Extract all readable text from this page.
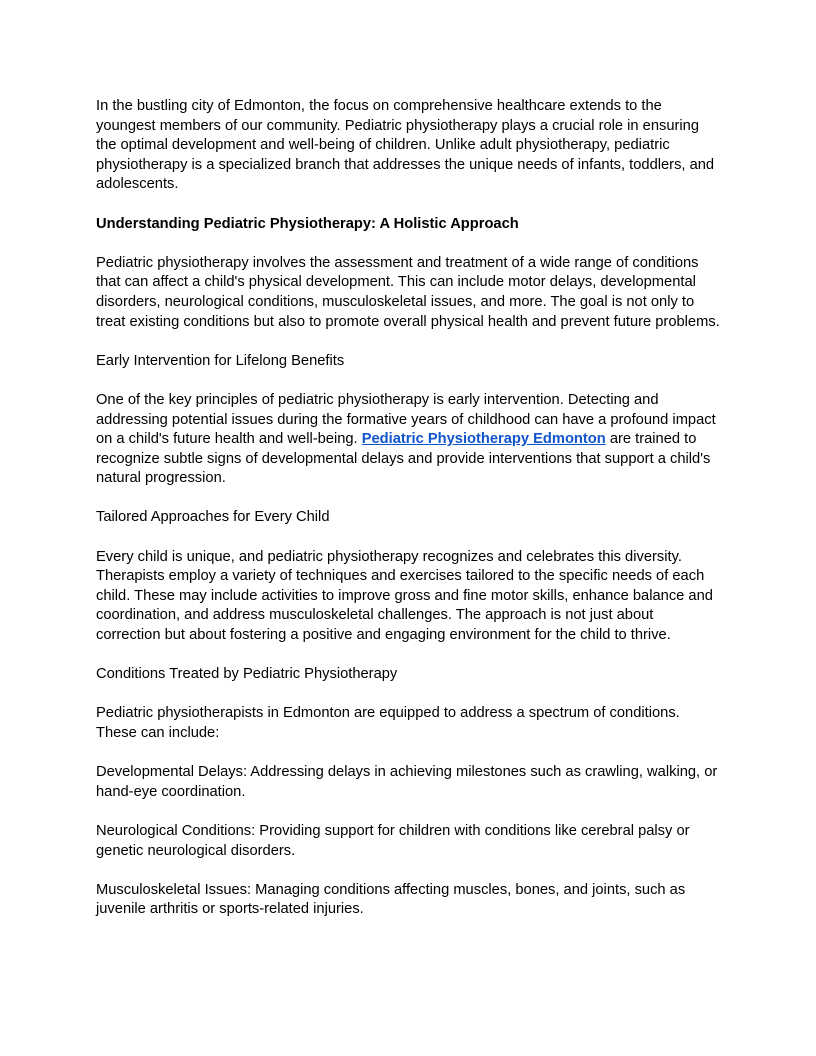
In the bustling city of Edmonton, the focus on comprehensive healthcare extends to the youngest members of our community. Pediatric physiotherapy plays a crucial role in ensuring the optimal development and well-being of children. Unlike adult physiotherapy, pediatric physiotherapy is a specialized branch that addresses the unique needs of infants, toddlers, and adolescents.

Understanding Pediatric Physiotherapy: A Holistic Approach

Pediatric physiotherapy involves the assessment and treatment of a wide range of conditions that can affect a child's physical development. This can include motor delays, developmental disorders, neurological conditions, musculoskeletal issues, and more. The goal is not only to treat existing conditions but also to promote overall physical health and prevent future problems.

Early Intervention for Lifelong Benefits

One of the key principles of pediatric physiotherapy is early intervention. Detecting and addressing potential issues during the formative years of childhood can have a profound impact on a child's future health and well-being. Pediatric Physiotherapy Edmonton are trained to recognize subtle signs of developmental delays and provide interventions that support a child's natural progression.

Tailored Approaches for Every Child

Every child is unique, and pediatric physiotherapy recognizes and celebrates this diversity. Therapists employ a variety of techniques and exercises tailored to the specific needs of each child. These may include activities to improve gross and fine motor skills, enhance balance and coordination, and address musculoskeletal challenges. The approach is not just about correction but about fostering a positive and engaging environment for the child to thrive.

Conditions Treated by Pediatric Physiotherapy

Pediatric physiotherapists in Edmonton are equipped to address a spectrum of conditions. These can include:

Developmental Delays: Addressing delays in achieving milestones such as crawling, walking, or hand-eye coordination.

Neurological Conditions: Providing support for children with conditions like cerebral palsy or genetic neurological disorders.

Musculoskeletal Issues: Managing conditions affecting muscles, bones, and joints, such as juvenile arthritis or sports-related injuries.
